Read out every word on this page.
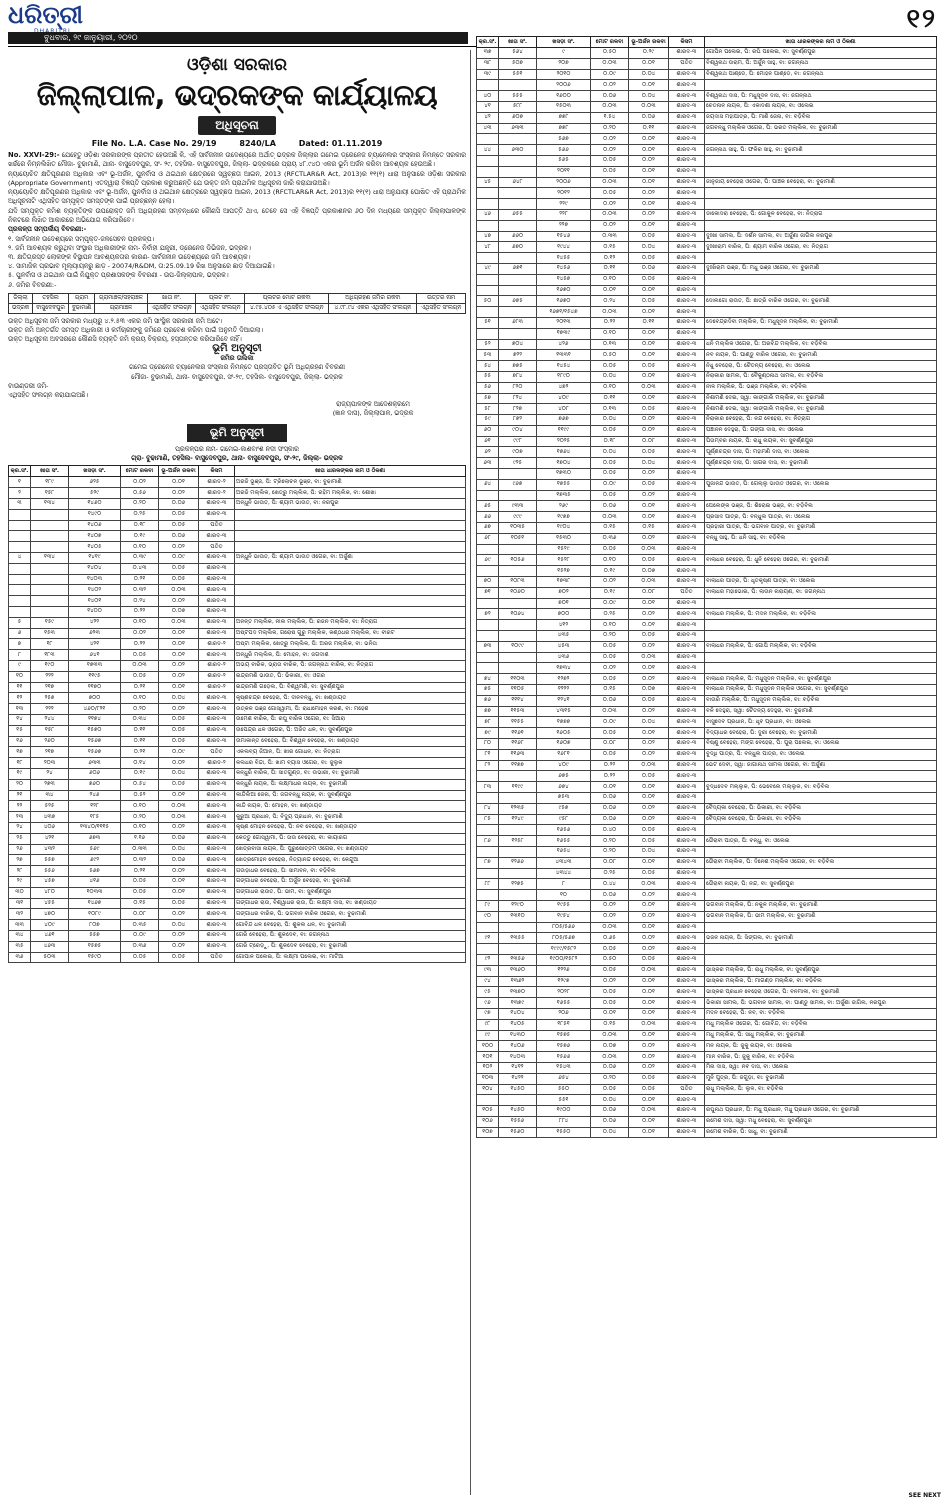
ଧରିତ୍ରୀ	୧୨
ବୁଧବାର, ୨୯ ଜାନୁୟାରୀ, ୨୦୨୦
ଓଡ଼ିଶା ସରକାର
ଜିଲ୍ଲାପାଳ, ଭଦ୍ରକଙ୍କ କାର୍ଯ୍ୟାଳୟ
ଅଧିସୂଚନା
File No. L.A. Case No. 29/19	8240/LA	Dated: 01.11.2019
No. XXVI-29:- ଯେହେତୁ ଓଡ଼ିଶା ସରକାରଙ୍କ ପ୍ରତୀତ ହେଉଅଛି କି, ଏହି ସାର୍ବଜନୀନ ଉଦେଶ୍ୟରେ ଅର୍ଥାତ୍ ଭଦ୍ରକ ଜିଲ୍ଲାର ଗମେଇ ଡ୍ରେନେଜ ଚ୍ୟାନେଲର ସଂସ୍କାର ନିମନ୍ତେ ସରକାର ଖର୍ଚ୍ଚରେ ନିମ୍ନଲିଖିତ ମୌଜା- ବୁଢାମାଣି, ଥାନା- ବାସୁଦେବପୁର, ସଂ- ୨୯, ତହସିଲ- ବାସୁଦେବପୁର, ଜିଲ୍ଲା- ଭଦ୍ରକରେ ପ୍ରାୟ ୪୮.୯୪୦ ଏକର ଭୂମି ଅର୍ଜନ କରିବା ଆବଶ୍ୟକ ହେଉଅଛି।
ନ୍ୟାୟୋଚିତ କ୍ଷତିପୂରଣର ଅଧିକାର ଏବଂ ଭୂ-ଅର୍ଜନ, ପୁନର୍ବାସ ଓ ଥଇଥାନ କ୍ଷେତ୍ରରେ ସ୍ୱଚ୍ଛତା ଆଇନ, 2013 (RFCTLAR&R Act, 2013)ର ୧୧(୧) ଧାରା ଅନୁସାରେ ଓଡ଼ିଶା ସରକାର (Appropriate Government) ଏତଦ୍ୱାରା ବିଜ୍ଞପ୍ତି ପ୍ରକାଶ କରୁଅଛନ୍ତି ଯେ ଉକ୍ତ ଜମି ପ୍ରାଥମିକ ଅଧିସୂଚନା ଜାରି କରାଯାଉଅଛି।
ନ୍ୟାୟୋଚିତ କ୍ଷତିପୂରଣର ଅଧିକାର ଏବଂ ଭୂ-ଅର୍ଜନ, ପୁନର୍ବାସ ଓ ଥଇଥାନ କ୍ଷେତ୍ରରେ ସ୍ୱଚ୍ଛତା ଆଇନ, 2013 (RFCTLAR&R Act, 2013)ର ୧୧(୧) ଧାରା ଅନୁଯାୟୀ ଘୋଷିତ ଏହି ପ୍ରାଥମିକ ଅଧିସୂଚନାଟି ଏଥିସହିତ ସମ୍ପୃକ୍ତ ସମସ୍ତଙ୍କ ପାଇଁ ପ୍ରଚ୍ଛନ୍ନ ହେଲା।
ଯଦି ସମ୍ପୃକ୍ତ କମିଶ ବ୍ୟକ୍ତିଙ୍କ ଉପରୋକ୍ତ ଜମି ଅଧିଗ୍ରହଣ ସମ୍ବନ୍ଧରେ କୌଣସି ଆପତ୍ତି ଥାଏ, ତେବେ ସେ ଏହି ବିଜ୍ଞପ୍ତି ପ୍ରକାଶନର ୬୦ ଦିନ ମଧ୍ୟରେ ସମ୍ପୃକ୍ତ ଜିଲ୍ଲାପାଳଙ୍କ ନିକଟରେ ଲିଖିତ ଆକାରରେ ଅଭିଯୋଗ କରିପାରିବେ।
ପ୍ରକଳ୍ପ ସମ୍ପର୍କୀୟ ବିବରଣୀ:-
୧. ସାର୍ବଜନୀନ ଉଦେଶ୍ୟରେ ସମ୍ପୃକ୍ତ-ଜଳସେଚନ ପ୍ରକଳ୍ପ।
୨. ଜମି ଆବଶ୍ୟକ କରୁଥିବା ସଂସ୍ଥାର ଅଧିକାରୀଙ୍କ ନାମ- ନିର୍ବାହୀ ଯନ୍ତ୍ରୀ, ଡ୍ରେନେଜ ଡିଭିଜନ, ଭଦ୍ରକ।
୩. କ୍ଷତିଗ୍ରସ୍ତ ଲୋକଙ୍କ ବିସ୍ଥାପନ ଆବଶ୍ୟକତାର କାରଣ- ସାର୍ବଜନୀନ ଉଦେଶ୍ୟରେ ଜମି ଆବଶ୍ୟକ।
୪. ସାମାଜିକ ପ୍ରଭାବ ମୂଲ୍ୟାୟନରୁ ଛାଡ଼ - 20074/R&DM, ତା:25.09.19 ରିଖ ଅନୁସାରେ ଛାଡ଼ ଦିଆଯାଇଛି।
୫. ପୁନର୍ବାସ ଓ ଥଇଥାନ ପାଇଁ ନିଯୁକ୍ତ ପ୍ରଶାସକଙ୍କ ବିବରଣୀ - ଉପ-ଜିଲ୍ଲାପାଳ, ଭଦ୍ରକ।
୬. ଜମିର ବିବରଣୀ:-
ଜିଲ୍ଲା	ତହସିଲ	ଗ୍ରାମ	ଗ୍ରାମାଞ୍ଚଳ/ସହରାଞ୍ଚଳ	ଖାତା ନଂ.	ପ୍ଲଟ ନଂ.	ପ୍ଲଟର ମୋଟ ରକବା	ଅଧିଗ୍ରହଣ ଜମିର ରକବା	ଉତ୍ତର ନାମ
ଭଦ୍ରକ	ବାସୁଦେବପୁର	ବୁଢାମାଣି	ଗ୍ରାମାଞ୍ଚଳ	ଏଥିସହିତ ସଂଲଗ୍ନ	ଏଥିସହିତ ସଂଲଗ୍ନ	୪.୯୫.୪୦୫ ଏ ଏଥିସହିତ ସଂଲଗ୍ନ	୪.୯୮.୯୪ ଏକର ଏଥିସହିତ ସଂଲଗ୍ନ	ଏଥିସହିତ ସଂଲଗ୍ନ
ଉକ୍ତ ଅଧିସୂଚନା ଜମି ସରକାର ମଧ୍ୟରୁ ୪.୨.୫୩ ଏକର ଜମି ସାଂସ୍ଥିକ ସରକାରୀ ଜମି ଅଟେ।
ଉକ୍ତ ଜମି ଅନ୍ତର୍ଗତ ସମସ୍ତ ଅଧିକାରୀ ଓ କର୍ମଚାରୀଙ୍କୁ ଜମିରେ ପ୍ରବେଶ କରିବା ପାଇଁ ଅନୁମତି ଦିଆଗଲା।
ଉକ୍ତ ଅଧିସୂଚନା ଅବସରରେ କୌଣସି ବ୍ୟକ୍ତି ଜମି କ୍ରୟ ବିକ୍ରୟ, ହସ୍ତାନ୍ତର କରିପାରିବେ ନାହିଁ।
ଭୂମି ଅନୁସୂଚୀ
ଜମିର ତାଲିକା
ଗମେଇ ଡ୍ରେନେଜ ଚ୍ୟାନେଲର ସଂସ୍କାର ନିମନ୍ତେ ପ୍ରସ୍ତାବିତ ଭୂମି ଅଧିଗ୍ରହଣ ବିବରଣୀ
ମୌଜା- ବୁଢାମାଣି, ଥାନା- ବାସୁଦେବପୁର, ସଂ-୨୯, ତହସିଲ- ବାସୁଦେବପୁର, ଜିଲ୍ଲା- ଭଦ୍ରକ
ବାଉଣ୍ଡରୀ ଜମି-
ଏଥିସହିତ ସଂଲଗ୍ନ କରାଯାଇଅଛି।
ରାଜ୍ୟପାଳଙ୍କ ଆଦେଶକ୍ରମେ
(ଜ୍ଞାନ ଦାସ), ଜିଲ୍ଲାପାଳ, ଭଦ୍ରକ
ଭୂମି ଅନୁସୂଚୀ
ପ୍ରକଳ୍ପର ନାମ- ଗମେଇ-କାଶବାଂଶ ନଦୀ ସଂସ୍କାର
ଗ୍ରା- ବୁଢାମାଣି, ତହସିଲ- ବାସୁଦେବପୁର, ଥାନା- ବାସୁଦେବପୁର, ସଂ-୨୯, ଜିଲ୍ଲା- ଭଦ୍ରକ
କ୍ର.ସଂ.	ଖାତା ସଂ.	ଖସଡ଼ା ସଂ.	ମୋଟ ରକବା	ଭୂ-ଅର୍ଜନ ରକବା	କିସମ	ଖାତା ଧାରକଙ୍କର ନାମ ଓ ଠିକଣା
୧	୧୮୯	୬୨୫	୦.୦୨	୦.୦୧	ଶାରଦ-୨	ଅରଜି ଭୂଞ୍ଜ, ପି: ଟ୍ରିଲୋଚନ ଭୂଞ୍ଜ, ବା: ବୁଢାମାଣି
୨	୧୫୮	୫୨୯	୦.୫୬	୦.୦୨	ଶାରଦ-୨	ଅରଜି ମଲ୍ଲିକ, ଖେତ୍ରୁ ମଲ୍ଲିକ, ପି: ରହିମ ମଲ୍ଲିକ, ବା: ଶୋଖା
୩	୧୩୪	୧୪୬୦	୦.୨୦	୦.୦୬	ଶାରଦ-୩	ଅନ୍ଧୁନି ଭାଉତ, ପି: ଶ୍ୟାମ ଭାଉତ, ବା: ନରପୁର
		୧୪୯୦	୦.୨୫	୦.୦୫	ଶାରଦ-୩	
		୧୪୦୬	୦.୧୮	୦.୦୫	ପତିତ	
		୧୪୦୭	୦.୧୯	୦.୦୬	ଶାରଦ-୩	
		୧୪୦୫	୦.୧୦	୦.୦୨	ପତିତ	
୪	୧୩୪	୧୪୧୯	୦.୩୯	୦.୦୯	ଶାରଦ-୩	ଅନ୍ଧୁନି ଭାଉତ, ପି: ଶ୍ୟାମ ଭାଉତ ଓଗେର, ବା: ଅର୍ଜୁଣା
		୧୪୦୪	୦.୪୩	୦.୦୫	ଶାରଦ-୩	
		୧୪୦୩	୦.୨୧	୦.୦୫	ଶାରଦ-୩	
		୧୪୦୨	୦.୩୨	୦.୦୩	ଶାରଦ-୩	
		୧୪୦୧	୦.୨୪	୦.୦୨	ଶାରଦ-୩	
		୧୪୦୦	୦.୨୨	୦.୦୭	ଶାରଦ-୩	
୫	୧୫୯	୪୨୨	୦.୧୦	୦.୦୩	ଶାରଦ-୩	ଅନନ୍ତ ମଲ୍ଲିକ, ନୀଲ ମଲ୍ଲିକ, ପି: ରଜନ ମଲ୍ଲିକ, ବା: ନିତ୍ରାଗ
୬	୧୫୩	୬୨୩	୦.୦୨	୦.୦୧	ଶାରଦ-୩	ଅଷ୍ଟପଦ ମଲ୍ଲିକ, ଗରୋଷ ଗୁରୁ ମଲ୍ଲିକ, କଣ୍ଠଧର ମଲ୍ଲିକ, ବା: ବୀରଟ
୭	୧୮	୪୨୧	୦.୨୨	୦.୦୧	ଶାରଦ-୨	ଅଷ୍ଟା ମଲ୍ଲିକ, ଖେତ୍ରୁ ମଲ୍ଲିକ, ପି: ଅରଜ ମଲ୍ଲିକ, ବା: ଭନିତା
୮	୧୮୩	୬୪୧	୦.୦୫	୦.୦୧	ଶାରଦ-୩	ଅନ୍ଧୁରି ମଲ୍ଲିକ, ପି: ମୋହନ, ବା: ଜଗଦୀଶ
୯	୧୯୦	୧୭୩୩	୦.୦୩	୦.୦୨	ଶାରଦ-୨	ଅଭୟ ବାରିକ, ଭ୍ରାତା ବାରିକ, ପି: ଜଗନ୍ନାଥ ବାରିକ, ବା: ନିତ୍ରାଗ
୧୦	୨୨୨	୧୧୯୫	୦.୦୫	୦.୦୨	ଶାରଦ-୨	ଇନ୍ଦ୍ରମଣି ଭାଉତ, ପି: ଭିକାରୀ, ବା: ଓଗର
୧୧	୨୧୭	୧୧୭୦	୦.୨୧	୦.୦୧	ଶାରଦ-୨	ଇନ୍ଦ୍ରମଣି ଗଡ଼େଲ, ପି: ବିଶ୍ୱମଣି, ବା: ସୁବର୍ଣ୍ଣପୁର
୧୨	୨୫୭	୭୦୦	୦.୧୦	୦.୦୪	ଶାରଦ-୩	କୃଷ୍ଣଚନ୍ଦ୍ର ବେହେରା, ପି: ଦୀନବନ୍ଧୁ, ବା: ଖଣ୍ଡାୟତ
୧୩	୨୨୨	୪୬୦/୮୨୧	୦.୨୦	୦.୦୨	ଶାରଦ-୩	ଉତ୍କଳ ଭଞ୍ଜ ଗୋସ୍ୱାମୀ, ପି: ରାଧାମୋହନ କରଣ, ବା: ମହେଶ
୧୪	୨୪୪	୧୧୭୪	୦.୩୪	୦.୦୫	ଶାରଦ-୩	ଉମେଶ ବାରିକ, ପି: ରଘୁ ବାରିକ ଓଗେର, ବା: ସିଆରା
୧୫	୧୫୮	୧୫୭୦	୦.୧୧	୦.୦୫	ଶାରଦ-୩	ଉପେନ୍ଦ୍ର ଧଳ ଓଗେର, ପି: ଅଜିତ ଧଳ, ବା: ସୁବର୍ଣ୍ଣପୁର
୧୬	୨୬୦	୧୫୬୭	୦.୧୧	୦.୦୫	ଶାରଦ-୩	ଉମାକାନ୍ତ ବେହେରା, ପି: ବିଶ୍ୱନ ବେହେରା, ବା: ଖଣ୍ଡାୟତ
୧୭	୨୧୭	୧୫୬୭	୦.୨୧	୦.୦୯	ପତିତ	ଏକଲବ୍ୟ ଜିଆନ, ପି: ଖୀର ଗୋଧନ, ବା: ନିତ୍ରାଗ
୧୮	୨୦୩	୬୩୩	୦.୧୪	୦.୦୨	ଶାରଦ-୨	କଲଧର ବିନ୍ଦା, ପି: ଖାମ ବ୍ୟାସ ଓଗେର, ବା: ଜୁଲୁକ
୧୯	୨୪	୬୦୬	୦.୧୯	୦.୦୪	ଶାରଦ-୩	କନ୍ଧୁରି ବାରିକ, ପି: ସାତଗୁଣ୍ଡ, ବା: ଉଭାରୀ, ବା: ବୁଢାମାଣି
୨୦	୨୭୩	୭୬୦	୦.୫୪	୦.୦୫	ଶାରଦ-୩	କନ୍ଧୁରି ନାୟକ, ପି: ଲକ୍ଷ୍ମୀଧର ନାୟକ, ବା: ବୁଢାମାଣି
୨୧	୩୪	୨୪୬	୦.୫୨	୦.୦୧	ଶାରଦ-୩	କାନ୍ଦିଲିଆ ଜେନା, ପି: ଜଗବନ୍ଧୁ ନାୟକ, ବା: ସୁବର୍ଣ୍ଣପୁର
୨୨	୫୨୫	୧୨୮	୦.୧୦	୦.୦୩	ଶାରଦ-୩	କାନ୍ଦି ନାୟକ, ପି: ମୋହନ, ବା: ଖଣ୍ଡାୟତ
୨୩	୪୩୭	୧୮୫	୦.୨୦	୦.୦୩	ଶାରଦ-୩	କୁରୁଆ ପ୍ରଧାନ, ପି: ବିଦ୍ୟୁ ପ୍ରଧାନ, ବା: ବୁଢାମାଣି
୨୪	୪୦୬	୧୩୪୦/୧୧୧୫	୦.୧୦	୦.୦୨	ଶାରଦ-୩	କୃଷ୍ଣ ମୋହନ ବେହେରା, ପି: ନବ ବେହେରା, ବା: ଖଣ୍ଡାୟତ
୨୫	୪୨୧	୬୭୩	୧.୧୬	୦.୦୬	ଶାରଦ-୩	କେତ୍ତୁ ଗୋସ୍ୱାମୀ, ପି: ତାଉ ବେହେରା, ବା: କାୟାରଗ
୨୬	୪୩୨	୫୬୯	୦.୩୩	୦.୦୪	ଶାରଦ-୩	ଖେତ୍ରବାସୀ ନାୟକ, ପି: ପୁରୁଷୋତ୍ତମ ଓଗେର, ବା: ଖଣ୍ଡାୟତ
୨୭	୫୫୭	୬୯୨	୦.୩୨	୦.୦୬	ଶାରଦ-୩	ଖେତ୍ରମୋହନ ବେହେରା, ନିତ୍ୟାନନ୍ଦ ବେହେରା, ବା: କେନ୍ଦୁଆ
୨୮	୫୫୬	୫୬୭	୦.୨୧	୦.୦୨	ଶାରଦ-୩	ଗଉଡ଼ାଧର ବେହେରା, ପି: ସାମାବନ, ବା: ବଡ଼ିବିଲ
୨୯	୪୫୭	୪୧୬	୦.୦୫	୦.୦୧	ଶାରଦ-୩	ଗଙ୍ଗାଧର ବେହେରା, ପି: ଅର୍ଜୁନ ବେହେରା, ବା: ବୁଢାମାଣି
୩୦	୪୮୦	୧୦୩୩	୦.୦୫	୦.୦୧	ଶାରଦ-୩	ଗଙ୍ଗାଧର ରାଉତ, ପି: ଭୀମ, ବା: ସୁବର୍ଣ୍ଣପୁର
୩୧	୪୫୫	୧୪୬୭	୦.୧୫	୦.୦୫	ଶାରଦ-୩	ଗଙ୍ଗାଧର ରାଉ, ବିଶ୍ୱାଧର ରାଉ, ପି: ଲକ୍ଷ୍ମୀ ଦାସ, ବା: ଖଣ୍ଡାୟତ
୩୨	୪୭୦	୧୦୮୯	୦.୦୮	୦.୦୨	ଶାରଦ-୩	ଗଙ୍ଗାଧର ବାରିକ, ପି: ଭଗବାନ ବାରିକ ଓଗେର, ବା: ବୁଢାମାଣି
୩୩	୪୦୯	୮୦୭	୦.୩୫	୦.୦୪	ଶାରଦ-୩	ଗୋବିନ୍ଦ ଧଳ ବେହେରା, ପି: ଶୁକଲ ଧଳ, ବା: ବୁଢାମାଣି
୩୪	୪୬୧	୫୫୭	୦.୦୯	୦.୦୨	ଶାରଦ-୩	ଗେରି ବେହେରା, ପି: ଶୁକଦେବ, ବା: ଜଗନ୍ନାଥ
୩୫	୪୬୩	୧୫୭୫	୦.୩୬	୦.୦୨	ଶାରଦ-୩	ଗେରି ଟ୍ରେଡ଼ୁ, ପି: ଶୁକଦେବ ବେହେରା, ବା: ବୁଢାମାଣି
୩୬	୫୦୩	୧୫୯୦	୦.୦୫	୦.୦୫	ପତିତ	ଗୋପାଳ ପଲେଇ, ପି: ଲକ୍ଷ୍ମୀ ପଲେଇ, ବା: ମାଟିଆ
କ୍ର.ସଂ.	ଖାତା ସଂ.	ଖସଡ଼ା ସଂ.	ମୋଟ ରକବା	ଭୂ-ଅର୍ଜନ ରକବା	କିସମ	ଖାତା ଧାରକଙ୍କର ନାମ ଓ ଠିକଣା
୩୭	୫୬୪	୯	୦.୫୦	୦.୨୯	ଶାରଦ-୩	ଗୋପିନ ପଲେଇ, ପି: ରଘି ପଲେଇ, ବା: ସୁବର୍ଣ୍ଣପୁର
୩୮	୫୦୭	୨୦୭	୦.୦୩	୦.୦୧	ପତିତ	ବିଶ୍ୱନାଥ ଉରାମ, ପି: ଅର୍ଜୁନ ସାହୁ, ବା: ଜଗନ୍ନାଥ
୩୯	୫୫୧	୨୦୧୦	୦.୦୯	୦.୦୪	ଶାରଦ-୩	ବିଶ୍ୱନାଥ ପାଣ୍ଡେ, ପି: ମୋହନ ପାଣ୍ଡେ, ବା: ଜଗନ୍ନାଥ
		୨୦୦୬	୦.୦୨	୦.୦୧	ଶାରଦ-୩	
୪୦	୫୫୫	୧୬୦୦	୦.୦୬	୦.୦୪	ଶାରଦ-୩	ବିଶ୍ୱନାଥ ଦାସ, ପି: ମଧୁସୂଦନ ଦାସ, ବା: ଜଗନ୍ନାଥ
୪୧	୫୮୮	୧୫୦୩	୦.୦୩	୦.୦୩	ଶାରଦ-୩	ଚେତନାନ ନାୟକ, ପି: ଏକାଦଶୀ ନାୟକ, ବା: ଓଲେଇ
୪୨	୬୦୭	୭୭୮	୧.୫୪	୦.୦୬	ଶାରଦ-୩	ଜୟଦାସ ମହାପାତ୍ର, ପି: ମାଣି ଜେନା, ବା: ବଡ଼ିବିଲ
୪୩	୬୩୩	୭୭୮	୦.୨୦	୦.୧୧	ଶାରଦ-୩	ଜଗବନ୍ଧୁ ମଲ୍ଲିକ ଓଗେର, ପି: ଭରତ ମଲ୍ଲିକ, ବା: ବୁଢାମାଣି
		୫୬୭	୦.୦୨	୦.୦୧	ଶାରଦ-୩	
୪୪	୬୩୦	୫୬୬	୦.୦୨	୦.୦୧	ଶାରଦ-୩	ଜଗନ୍ନାଥ ସାହୁ, ପି: ଫକିର ସାହୁ, ବା: ବୁଢାମାଣି
		୫୬୫	୦.୦୫	୦.୦୨	ଶାରଦ-୩	
		୨୦୧୧	୦.୦୫	୦.୦୧	ଶାରଦ-୩	
୪୫	୬୪୮	୨୦୦୬	୦.୦୩	୦.୦୧	ଶାରଦ-୩	ଜାନୁଜାୟ ବେହେରା ଓଗେର, ପି: ପାଞ୍ଚକ ବେହେରା, ବା: ବୁଢାମାଣି
		୨୦୧୨	୦.୦୫	୦.୦୨	ଶାରଦ-୩	
		୨୨୯	୦.୦୨	୦.୦୧	ଶାରଦ-୩	
୪୬	୬୫୫	୨୨୮	୦.୦୩	୦.୦୨	ଶାରଦ-୩	ଡାକୋଦରା ବେହେରା, ପି: ଗୋକୁଳ ବେହେରା, ବା: ନିତ୍ରାଗ
		୨୨୭	୦.୦୨	୦.୦୧	ଶାରଦ-୩	
୪୭	୬୬୦	୧୫୪୬	୦.୩୩	୦.୦୫	ଶାରଦ-୩	ଦୁଃଖୀ ସାମଲ, ପି: ଦର୍ଶନ ସାମଲ, ବା: ଅର୍ଜୁଣା ଜାଗିଲ ନରପୁର
୪୮	୬୭୦	୧୯୪୪	୦.୧୫	୦.୦୪	ଶାରଦ-୩	ଦୁଃଖୀରାମ ବାରିକ, ପି: ଶ୍ୟାମ ବାରିକ ଓଗେର, ବା: ନିତ୍ରାଗ
		୧୪୫୫	୦.୧୨	୦.୦୫	ଶାରଦ-୩	
୪୯	୬୭୧	୧୪୫୬	୦.୧୧	୦.୦୬	ଶାରଦ-୩	ଦୁଃଖିରାମ ଭଞ୍ଜ, ପି: ମଧୁ ଭଞ୍ଜ ଓଗେର, ବା: ବୁଢାମାଣି
		୧୪୫୭	୦.୧୦	୦.୦୫	ଶାରଦ-୩	
		୧୬୭୦	୦.୦୧	୦.୦୧	ଶାରଦ-୩	
୫୦	୬୭୫	୧୬୭୦	୦.୨୪	୦.୦୫	ଶାରଦ-୩	ଦୋଲଗୋ ରାଉତ, ପି: ଛାତ୍ରି ବାରିକ ଓଗେର, ବା: ବୁଢାମାଣି
		୧୬୭୧/୧୫୪୭	୦.୦୩	୦.୦୧	ଶାରଦ-୩	
୫୧	୬୮୩	୨୦୧୩	୦.୨୨	୦.୧୧	ଶାରଦ-୩	ଦେବେନ୍ଦ୍ରଦିବା ମଲ୍ଲିକ, ପି: ମଧୁସୂଦନ ମଲ୍ଲିକ, ବା: ବୁଢାମାଣି
		୧୭୩୯	୦.୧୦	୦.୦୧	ଶାରଦ-୩	
୫୨	୭୦୪	୪୨୬	୦.୧୩	୦.୦୧	ଶାରଦ-୩	ଧନି ମଲ୍ଲିକ ଓଗେର, ପି: ଅରବିନ୍ଦ ମଲ୍ଲିକ, ବା: ବଡ଼ିବିଲ
୫୩	୭୨୨	୧୩୩୧	୦.୫୦	୦.୦୧	ଶାରଦ-୩	ନବ ନାୟକ, ପି: ପାଣ୍ଡୁ ବାରିକ ଓଗେର, ବା: ବୁଢାମାଣି
୫୪	୭୭୫	୧୪୫୪	୦.୦୫	୦.୦୫	ଶାରଦ-୩	ନିଧୁ ବେହେରା, ପି: ଚୈତନ୍ୟ ବେହେରା, ବା: ଓଲେଇ
୫୫	୭୮୪	୧୮୯୦	୦.୦୪	୦.୦୧	ଶାରଦ-୩	ନିରାକାର ସାମଲ, ପି: ବୈକୁଣ୍ଠନାଥ ସାମଲ, ବା: ବଡ଼ିବିଲ
୫୬	୮୨୦	୪୭୨	୦.୧୦	୦.୦୩	ଶାରଦ-୩	ନୀଳ ମଲ୍ଲିକ, ପି: ଭଞ୍ଜ ମଲ୍ଲିକ, ବା: ବଡ଼ିବିଲ
୫୭	୮୨୪	୪୦୯	୦.୧୧	୦.୦୧	ଶାରଦ-୩	ନିଶାମଣି ଦେଇ, ସ୍ୱା: କାଙ୍ଗାଲି ମଲ୍ଲିକ, ବା: ବୁଢାମାଣି
୫୮	୮୨୭	୪୦୮	୦.୧୩	୦.୦୫	ଶାରଦ-୩	ନିଶାମଣି ଦେଇ, ସ୍ୱା: କାଙ୍ଗାଲି ମଲ୍ଲିକ, ବା: ବୁଢାମାଣି
୫୯	୮୭୨	୭୬୭	୦.୦୪	୦.୦୨	ଶାରଦ-୩	ନିରାକାର ବେହେରା, ପି: ନନ୍ଦ ବେହେରା, ବା: ନିତ୍ରାଗ
୬୦	୯୦୪	୧୧୯୯	୦.୦୫	୦.୦୨	ଶାରଦ-୩	ପଞ୍ଚାନନ ଦେହୁରା, ପି: ଗଙ୍ଗା ଦାସ, ବା: ଓଲେଇ
୬୧	୯୯୮	୨୦୨୫	୦.୧୮	୦.୦୮	ଶାରଦ-୩	ପିତାମ୍ବର ନାୟକ, ପି: ରାଧୁ ନାୟକ, ବା: ସୁବର୍ଣ୍ଣପୁର
୬୨	୯୦୭	୧୭୬୪	୦.୦୪	୦.୦୫	ଶାରଦ-୩	ପୂର୍ଣ୍ଣଚନ୍ଦ୍ର ଦାସ, ପି: ମହାମଣି ଦାସ, ବା: ଓଲେଇ
୬୩	୯୨୫	୧୭୦୪	୦.୦୫	୦.୦୪	ଶାରଦ-୩	ପୂର୍ଣ୍ଣଚନ୍ଦ୍ର ଦାସ, ପି: ସାଗର ଦାସ, ବା: ବୁଢାମାଣି
		୧୭୩୦	୦.୦୫	୦.୦୨	ଶାରଦ-୩	
୬୪	୯୬୭	୧୭୫୫	୦.୦୯	୦.୦୫	ଶାରଦ-୩	ପୁଜାନନ୍ଦ ଭାଉତ, ପି: ଗେଲ୍ଲୁ ଭାଉତ ଓଗେର, ବା: ଓଲେଇ
		୧୭୩୫	୦.୦୫	୦.୦୨	ଶାରଦ-୩	
୬୫	୯୩୩	୨୬୯	୦.୦୬	୦.୦୧	ଶାରଦ-୩	ପେଲେଙ୍କ ଭଞ୍ଜ, ପି: ଶିରୋଇ ଭଞ୍ଜ, ବା: ବଡ଼ିବିଲ
୬୬	୯୯୯	୧୯୭୭	୦.୦୩	୦.୦୧	ଶାରଦ-୩	ପ୍ରସାଦ ପାତ୍ର, ପି: ବନ୍ଧୁଲ ପାତ୍ର, ବା: ଓଲେଇ
୬୭	୧୦୩୫	୧୯୦୪	୦.୧୫	୦.୧୫	ଶାରଦ-୩	ପ୍ରହାରୀ ପାତ୍ର, ପି: ଭଗବାନ ପାତ୍ର, ବା: ବୁଢାମାଣି
୬୮	୧୦୫୧	୧୫୩୦	୦.୩୬	୦.୦୨	ଶାରଦ-୩	ବନ୍ଧୁ ସାହୁ, ପି: ଧନି ସାହୁ, ବା: ବଡ଼ିବିଲ
		୧୫୨୯	୦.୦୫	୦.୦୩	ଶାରଦ-୩	
୬୯	୧୦୫୬	୧୫୨୮	୦.୧୦	୦.୦୫	ଶାରଦ-୩	ବାଲାଧର ବେହେରା, ପି: ଧୁନି ବେହେରା ଓଗେର, ବା: ବୁଢାମାଣି
		୧୫୨୭	୦.୧୯	୦.୦୭	ଶାରଦ-୩	
୭୦	୧୦୮୩	୧୭୩୮	୦.୦୨	୦.୦୩	ଶାରଦ-୩	ବାଲାଧର ପାତ୍ର, ପି: ଧୃତକୃଷ୍ଣ ପାତ୍ର, ବା: ଓଲେଇ
୭୧	୧୦୬୦	୭୦୨	୦.୧୯	୦.୦୮	ପତିତ	ବାଲାଧର ମହାଭୋଇ, ପି: ଲାଉନ ନାରାୟଣ, ବା: ଜଗନ୍ନାଥ
		୭୦୧	୦.୦୯	୦.୦୧	ଶାରଦ-୩	
୭୨	୧୦୬୪	୭୦୦	୦.୨୫	୦.୦୨	ଶାରଦ-୩	ବାଲାଧର ମଲ୍ଲିକ, ପି: ମଦନ ମଲ୍ଲିକ, ବା: ବଡ଼ିବିଲ
		୪୧୨	୦.୧୦	୦.୦୧	ଶାରଦ-୩	
		୪୩୫	୦.୨୦	୦.୦୫	ଶାରଦ-୩	
୭୩	୧୦୯୯	୪୫୩	୦.୦୫	୦.୦୨	ଶାରଦ-୩	ବାଲାଧର ମଲ୍ଲିକ, ପି: ଗୋପି ମଲ୍ଲିକ, ବା: ବଡ଼ିବିଲ
		୪୩୬	୦.୦୫	୦.୦୩	ଶାରଦ-୩	
		୧୭୩୪	୦.୦୨	୦.୦୧	ଶାରଦ-୩	
୭୪	୧୧୦୩	୧୨୭୨	୦.୦୫	୦.୦୨	ଶାରଦ-୩	ବାଲାଧର ମଲ୍ଲିକ, ପି: ମଧୁସୂଦନ ମଲ୍ଲିକ, ବା: ସୁବର୍ଣ୍ଣପୁର
୭୫	୧୧୦୫	୧୨୨୨	୦.୧୫	୦.୦୭	ଶାରଦ-୩	ବାଲାଧର ମଲ୍ଲିକ, ପି: ମଧୁସୂଦନ ମଲ୍ଲିକ ଓଗେର, ବା: ସୁବର୍ଣ୍ଣପୁର
୭୬	୧୧୧୪	୧୨୪୧	୦.୦୬	୦.୦୫	ଶାରଦ-୩	ବାଉରି ମଲ୍ଲିକ, ପି: ମଧୁସୂଦନ ମଲ୍ଲିକ, ବା: ବଡ଼ିବିଲ
୭୭	୧୧୫୩	୪୩୧୫	୦.୦୩	୦.୦୨	ଶାରଦ-୩	ବଳି ଦେହୁରା, ସ୍ୱା: ଚୈତନ୍ୟ ଦେହୁରା, ବା: ବୁଢାମାଣି
୭୮	୧୧୫୫	୧୭୭୭	୦.୦୯	୦.୦୪	ଶାରଦ-୩	ବାସୁଦେବ ପ୍ରଧାନ, ପି: ଧୃବ ପ୍ରଧାନ, ବା: ଓଲେଇ
୭୯	୧୧୬୧	୧୬୦୫	୦.୦୫	୦.୦୧	ଶାରଦ-୩	ବିଦ୍ୟାଧର ବେହେରା, ପି: ଦୁରୀ ବେହେରା, ବା: ବୁଢାମାଣି
୮୦	୧୧୬୮	୧୬୦୭	୦.୦୮	୦.୦୨	ଶାରଦ-୩	ବିଷ୍ଣୁ ବେହେରା, ମଙ୍ଗ ବେହେରା, ପି: ପୁରା ପଲେଇ, ବା: ଓଲେଇ
୮୧	୧୧୬୩	୧୬୮୧	୦.୦୫	୦.୦୨	ଶାରଦ-୩	ବୁଦ୍ଧି ପାତ୍ର, ପି: ବନ୍ଧୁଲ ପାତ୍ର, ବା: ଓଲେଇ
୮୨	୧୧୭୭	୪୦୯	୦.୨୨	୦.୦୩	ଶାରଦ-୩	ଭେଟ ଦେବୀ, ସ୍ୱା: ଜାଗାନାଥ ସାମଲ ଓଗେର, ବା: ଅର୍ଜୁଣା
		୬୭୫	୦.୨୨	୦.୦୫	ଶାରଦ-୩	
୮୩	୧୧୯୯	୬୭୪	୦.୦୧	୦.୦୧	ଶାରଦ-୩	ବୁଦ୍ଧଦେବ ମଲ୍ଲୁକ, ପି: ଭେବେଲେ ମଲ୍ଲୁକ, ବା: ବଡ଼ିବିଲ
		୭୫୩	୦.୦୬	୦.୦୧	ଶାରଦ-୩	
୮୪	୧୨୩୫	୯୫୭	୦.୦୬	୦.୦୨	ଶାରଦ-୩	ବୈଦ୍ୟକା ବେହେରା, ପି: ଭିକାରୀ, ବା: ବଡ଼ିବିଲ
୮୫	୧୨୪୯	୯୫୮	୦.୦୬	୦.୦୨	ଶାରଦ-୩	ବୈଦ୍ୟକା ବେହେରା, ପି: ଭିକାରୀ, ବା: ବଡ଼ିବିଲ
		୧୬୫୬	୦.୪୦	୦.୦୫	ଶାରଦ-୩	
୮୬	୧୨୫୮	୧୬୫୫	୦.୨୦	୦.୦୫	ଶାରଦ-୩	ଭୈରାବୀ ପାତ୍ର, ପି: ବନ୍ଧୁ, ବା: ଓଲେଇ
		୧୬୫୪	୦.୨୦	୦.୦୪	ଶାରଦ-୩	
୮୭	୧୨୬୬	୪୩୪୩	୦.୦୮	୦.୦୧	ଶାରଦ-୩	ଭୈରାବୀ ମଲ୍ଲିକ, ପି: ଦିନେଶ ମଲ୍ଲିକ ଓଗେର, ବା: ବଡ଼ିବିଲ
		୪୩୪୪	୦.୨୫	୦.୦୫	ଶାରଦ-୩	
୮୮	୧୨୭୫	୮	୦.୪୪	୦.୦୩	ଶାରଦ-୩	ଭୈରାବୀ ନାୟକ, ପି: ନନ୍ଦ, ବା: ସୁବର୍ଣ୍ଣପୁର
		୧୦	୦.୦୬	୦.୦୨	ଶାରଦ-୩	
୮୯	୧୨୯୦	୧୯୫୫	୦.୦୨	୦.୦୧	ଶାରଦ-୩	ଭଗବାନ ମଲ୍ଲିକ, ପି: ନକୁଳ ମଲ୍ଲିକ, ବା: ବୁଢାମାଣି
୯୦	୧୩୧୦	୧୯୫୪	୦.୦୨	୦.୦୨	ଶାରଦ-୩	ଭଗବାନ ମଲ୍ଲିକ, ପି: ଭୀମ ମଲ୍ଲିକ, ବା: ବୁଢାମାଣି
		୮୦୫/୫୬୬	୦.୦୩	୦.୦୧	ଶାରଦ-୩	
୯୧	୧୩୫୫	୮୦୫/୫୬୭	୦.୬୫	୦.୦୨	ଶାରଦ-୩	ଭଜନ ନାୟକ, ପି: ସିଙ୍ଗଲ, ବା: ବୁଢାମାଣି
		୧୯୯୯/୧୫୮୨	୦.୦୫	୦.୦୨	ଶାରଦ-୩	
୯୨	୧୩୫୬	୧୯୦୦/୧୫୮୨	୦.୫୦	୦.୦୫	ଶାରଦ-୩	
୯୩	୧୩୬୦	୧୨୨୬	୦.୦୫	୦.୦୩	ଶାରଦ-୩	ଭାସ୍କର ମଲ୍ଲିକ, ପି: ରାଧୁ ମଲ୍ଲିକ, ବା: ସୁବର୍ଣ୍ଣପୁର
୯୪	୧୩୬୨	୧୨୯୭	୦.୦୨	୦.୦୧	ଶାରଦ-୩	ଭାସ୍କର ମଲ୍ଲିକ, ପି: ମାଗଣ୍ଡ ମଲ୍ଲିକ, ବା: ବଡ଼ିବିଲ
୯୫	୧୩୭୦	୨୦୨୮	୦.୦୫	୦.୦୧	ଶାରଦ-୩	ଭାସ୍କର ପ୍ରଧାନ ବେହେରା ଓଗେର, ପି: ବନମାଳୀ, ବା: ବୁଢାମାଣି
୯୬	୧୩୭୯	୧୬୫୫	୦.୦୫	୦.୦୧	ଶାରଦ-୩	ଭିକାରୀ ସାମଲ, ପି: ଭଗବାନ ସାମଲ, ବା: ପାଣ୍ଡୁ ସାମଲ, ବା: ଅର୍ଜୁଣା ଜାଗିଲ, ନରପୁର
୯୭	୧୪୦୪	୨୦୬	୦.୦୧	୦.୦୧	ଶାରଦ-୩	ମଦନ ବେହେରା, ପି: ନବ, ବା: ବଡ଼ିବିଲ
୯୮	୧୪୦୫	୧୮୫୧	୦.୧୫	୦.୦୩	ଶାରଦ-୩	ମଧୁ ମଲ୍ଲିକ ଓଗେର, ପି: ଗୋବିନ୍ଦ, ବା: ବଡ଼ିବିଲ
୯୯	୧୪୩୦	୧୫୭୫	୦.୦୩	୦.୦୧	ଶାରଦ-୩	ମଧୁ ମଲ୍ଲିକ, ପି: ସାଧୁ ମଲ୍ଲିକ, ବା: ବୁଢାମାଣି
୧୦୦	୧୪୦୬	୧୫୭୬	୦.୦୭	୦.୦୨	ଶାରଦ-୩	ମନ ନାୟକ, ପି: ଜୁକୁ ନାୟକ, ବା: ଓଲେଇ
୧୦୧	୧୪୦୩	୧୫୬୬	୦.୦୩	୦.୦୨	ଶାରଦ-୩	ମାନ ବାରିକ, ପି: ଜୁକୁ ବାରିକ, ବା: ବଡ଼ିବିଲ
୧୦୨	୧୪୧୨	୧୫୪୩	୦.୦୬	୦.୦୨	ଶାରଦ-୩	ମିନା ଦାସ, ସ୍ୱା: ନବ ଦାସ, ବା: ଓଲେଇ
୧୦୩	୧୪୨୨	୬୫୪	୦.୨୦	୦.୦୫	ଶାରଦ-୩	ମୁନି ପୁତ୍ର, ପି: ଜଗୁଡ଼ା, ବା: ବୁଢାମାଣି
୧୦୪	୧୪୫୦	୫୫୦	୦.୦୫	୦.୦୫	ପତିତ	ରାଧୁ ମଲ୍ଲିକ, ପି: ଲୁଳ, ବା: ବଡ଼ିବିଲ
		୫୫୧	୦.୦୪	୦.୦୧	ଶାରଦ-୩	
୧୦୫	୧୪୫୦	୧୯୦୦	୦.୦୬	୦.୦୩	ଶାରଦ-୩	ରଘୁନାଥ ପ୍ରଧାନ, ପି: ମଧୁ ପ୍ରଧାନ, ମଧୁ ପ୍ରଧାନ ଓଗେର, ବା: ବୁଢାମାଣି
୧୦୬	୧୫୫୬	୮୮୪	୦.୦୬	୦.୦୧	ଶାରଦ-୩	ରମେଶ ଦାସ, ସ୍ୱା: ମଧୁ ବେହେରା, ବା: ସୁବର୍ଣ୍ଣପୁର
୧୦୭	୧୫୬୦	୧୫୫୦	୦.୦୪	୦.୦୧	ଶାରଦ-୩	ରମେଶ ବାରିକ, ପି: ସାଧୁ, ବା: ବୁଢାମାଣି
SEE NEXT
